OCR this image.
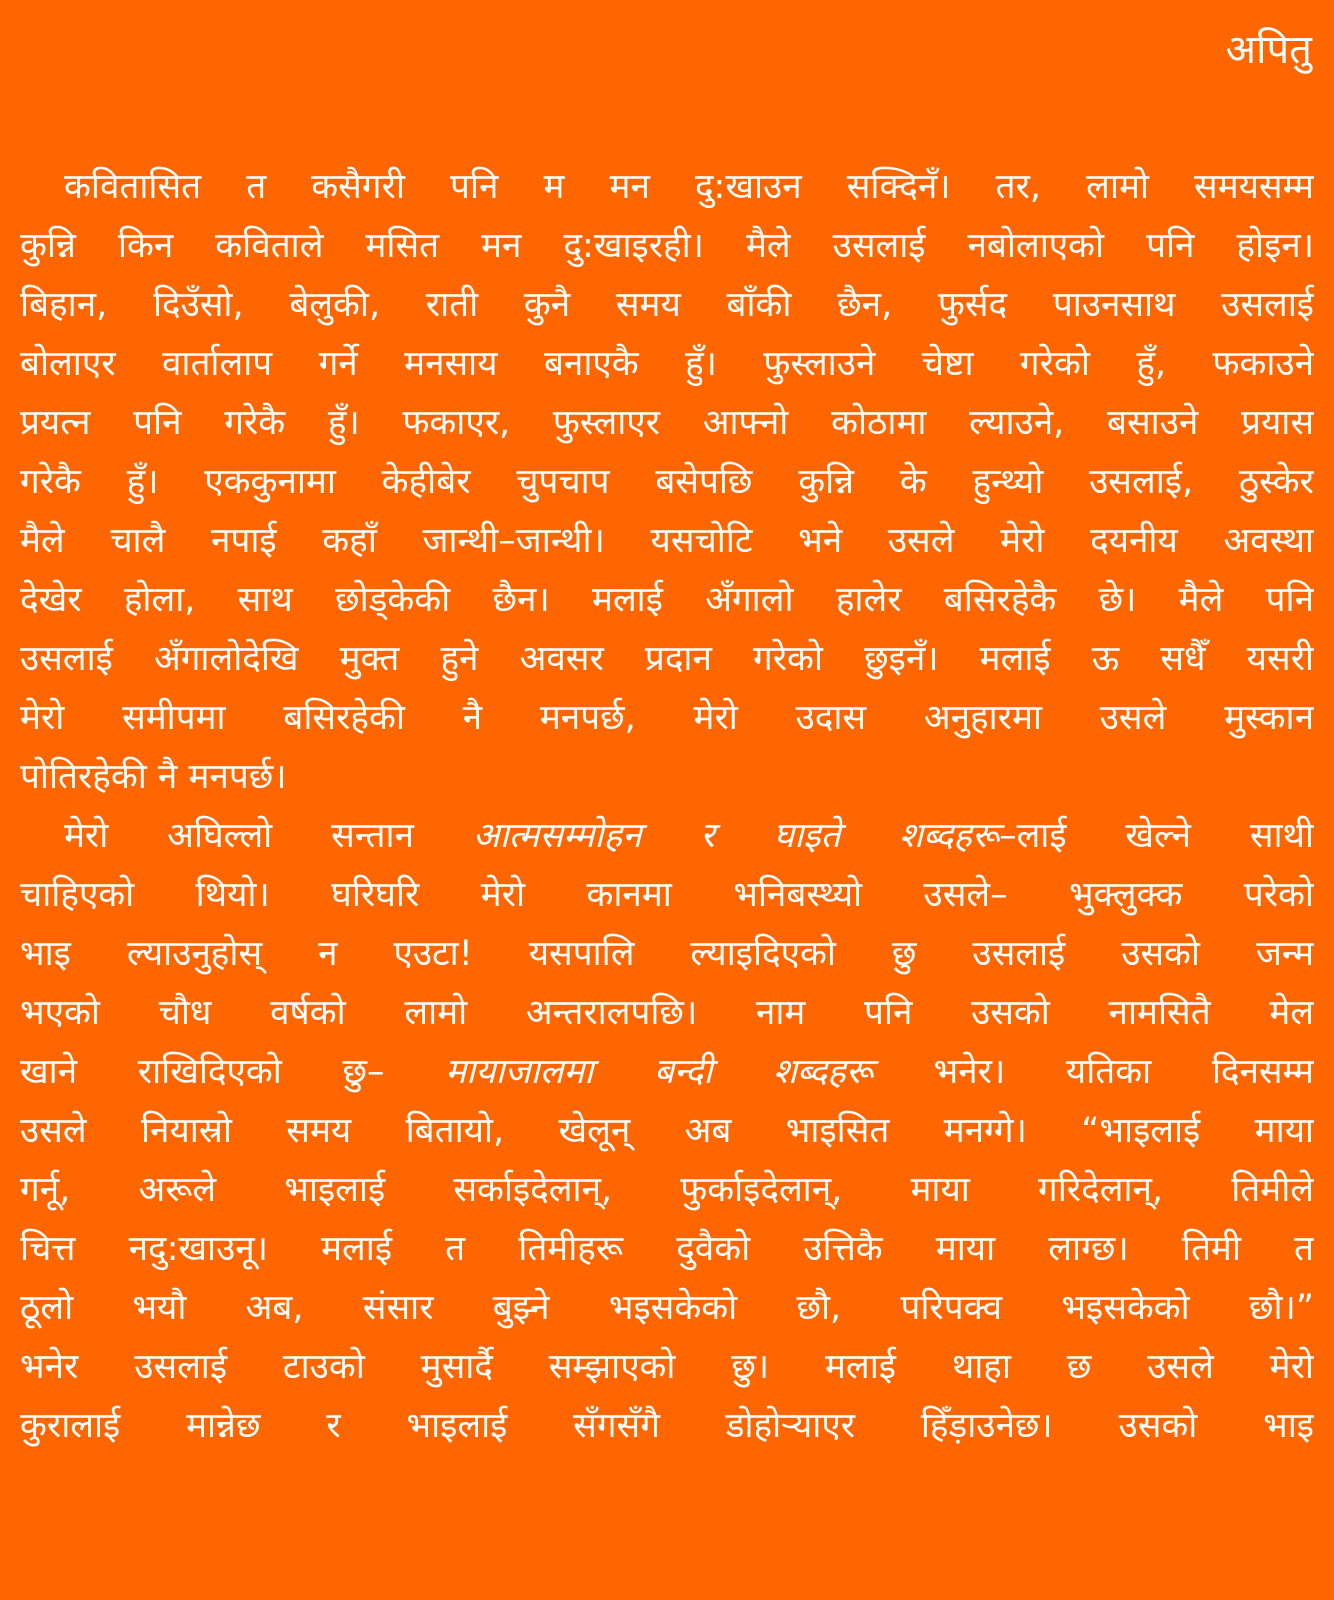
अपितु

कवितासित त कसैगरी पनि म मन दु:खाउन सक्दिनँ। तर, लामो समयसम्म
कुन्नि किन कविताले मसित मन दु:खाइरही। मैले उसलाई नबोलाएको पनि होइन।
बिहान, दिउँसो, बेलुकी, राती कुनै समय बाँकी छैन, फुर्सद पाउनसाथ उसलाई
बोलाएर वार्तालाप गर्ने मनसाय बनाएकै हुँ। फुस्लाउने चेष्टा गरेको हुँ, फकाउने
प्रयत्न पनि गरेकै हुँ। फकाएर, फुस्लाएर आफ्नो कोठामा ल्याउने, बसाउने प्रयास
गरेकै हुँ। एककुनामा केहीबेर चुपचाप बसेपछि कुन्नि के हुन्थ्यो उसलाई, ठुस्केर
मैले चालै नपाई कहाँ जान्थी–जान्थी। यसचोटि भने उसले मेरो दयनीय अवस्था
देखेर होला, साथ छोड्केकी छैन। मलाई अँगालो हालेर बसिरहेकै छे। मैले पनि
उसलाई अँगालोदेखि मुक्त हुने अवसर प्रदान गरेको छुइनँ। मलाई ऊ सधैँ यसरी
मेरो समीपमा बसिरहेकी नै मनपर्छ, मेरो उदास अनुहारमा उसले मुस्कान
पोतिरहेकी नै मनपर्छ।

मेरो अघिल्लो सन्तान आत्मसम्मोहन र घाइते शब्दहरू–लाई खेल्ने साथी
चाहिएको थियो। घरिघरि मेरो कानमा भनिबस्थ्यो उसले– भुक्लुक्क परेको
भाइ ल्याउनुहोस् न एउटा! यसपालि ल्याइदिएको छु उसलाई उसको जन्म
भएको चौध वर्षको लामो अन्तरालपछि। नाम पनि उसको नामसितै मेल
खाने राखिदिएको छु– मायाजालमा बन्दी शब्दहरू भनेर। यतिका दिनसम्म
उसले नियास्रो समय बितायो, खेलून् अब भाइसित मनग्गे। “भाइलाई माया
गर्नू, अरूले भाइलाई सर्काइदेलान्, फुर्काइदेलान्, माया गरिदेलान्, तिमीले
चित्त नदु:खाउनू। मलाई त तिमीहरू दुवैको उत्तिकै माया लाग्छ। तिमी त
ठूलो भयौ अब, संसार बुझ्ने भइसकेको छौ, परिपक्व भइसकेको छौ।”
भनेर उसलाई टाउको मुसार्दै सम्झाएको छु। मलाई थाहा छ उसले मेरो
कुरालाई मान्नेछ र भाइलाई सँगसँगै डोहोर्‍याएर हिँड़ाउनेछ। उसको भाइ
